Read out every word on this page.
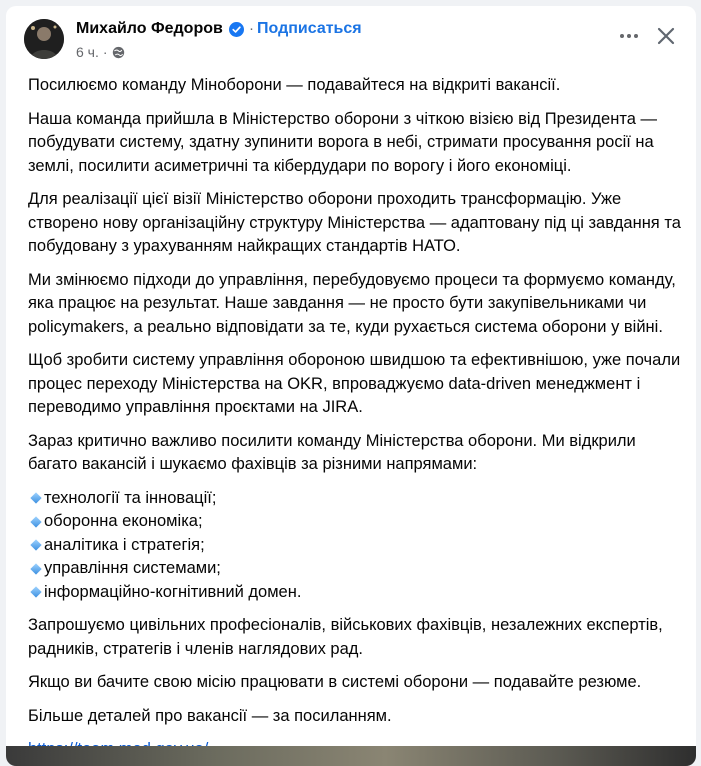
Михайло Федоров · Подписаться
6 ч. ·

Посилюємо команду Міноборони — подавайтеся на відкриті вакансії.

Наша команда прийшла в Міністерство оборони з чіткою візією від Президента — побудувати систему, здатну зупинити ворога в небі, стримати просування росії на землі, посилити асиметричні та кібердудари по ворогу і його економіці.

Для реалізації цієї візії Міністерство оборони проходить трансформацію. Уже створено нову організаційну структуру Міністерства — адаптовану під ці завдання та побудовану з урахуванням найкращих стандартів НАТО.

Ми змінюємо підходи до управління, перебудовуємо процеси та формуємо команду, яка працює на результат. Наше завдання — не просто бути закупівельниками чи policymakers, а реально відповідати за те, куди рухається система оборони у війні.

Щоб зробити систему управління обороною швидшою та ефективнішою, уже почали процес переходу Міністерства на OKR, впроваджуємо data-driven менеджмент і переводимо управління проєктами на JIRA.

Зараз критично важливо посилити команду Міністерства оборони. Ми відкрили багато вакансій і шукаємо фахівців за різними напрямами:

технології та інновації;
оборонна економіка;
аналітика і стратегія;
управління системами;
інформаційно-когнітивний домен.

Запрошуємо цивільних професіоналів, військових фахівців, незалежних експертів, радників, стратегів і членів наглядових рад.

Якщо ви бачите свою місію працювати в системі оборони — подавайте резюме.

Більше деталей про вакансії — за посиланням.
